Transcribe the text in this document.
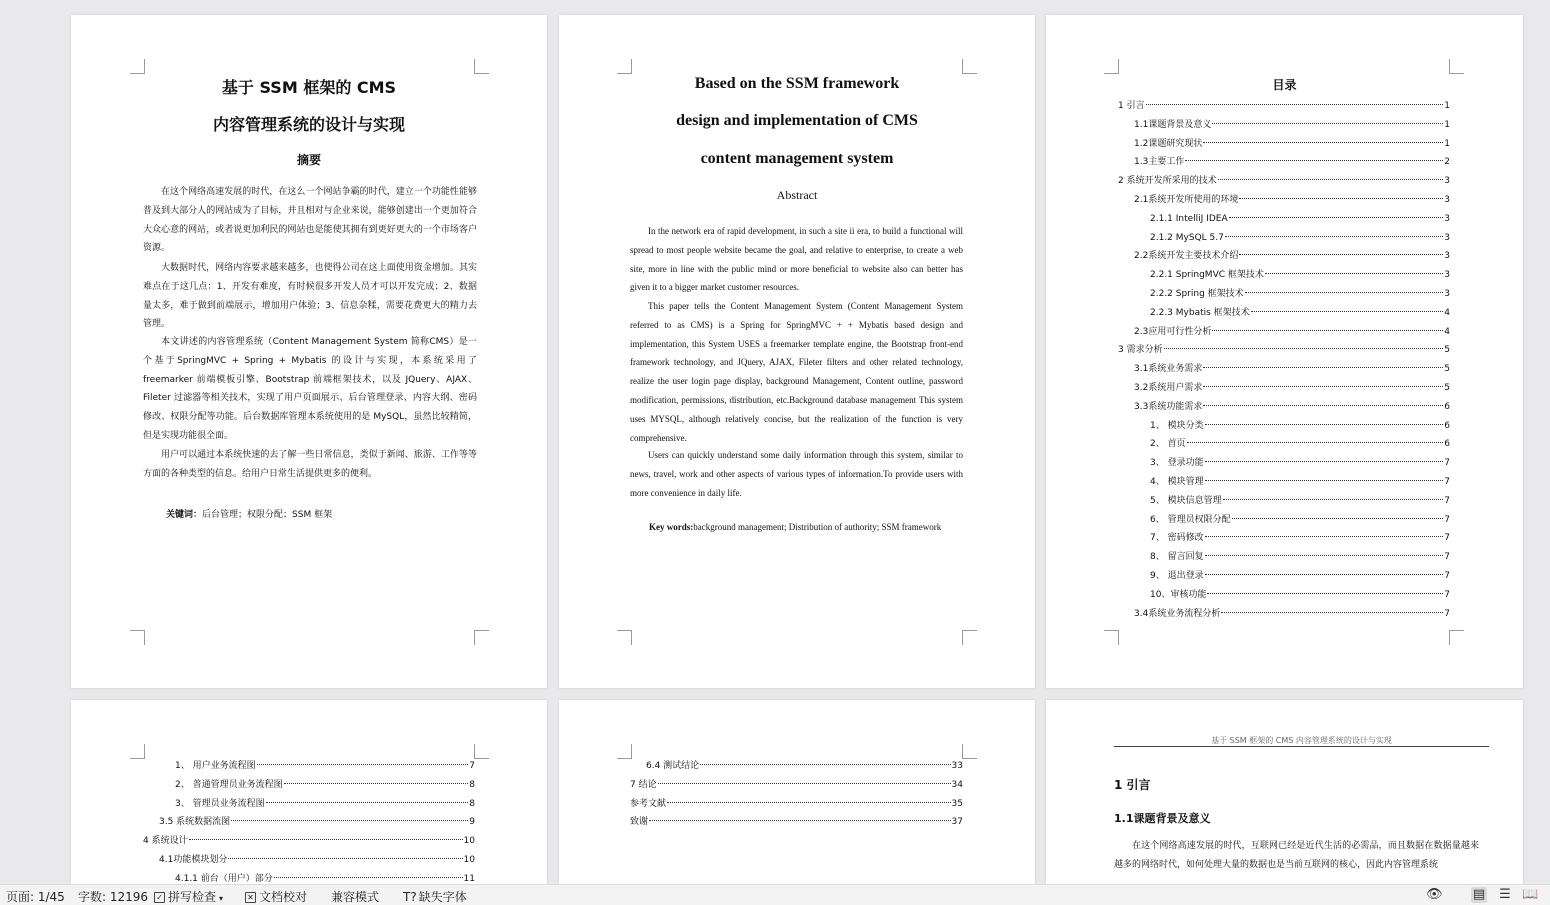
基于 SSM 框架的 CMS
内容管理系统的设计与实现
摘要

在这个网络高速发展的时代，在这么一个网站争霸的时代，建立一个功能性能够普及到大部分人的网站成为了目标，并且相对与企业来说，能够创建出一个更加符合大众心意的网站，或者说更加利民的网站也是能使其拥有到更好更大的一个市场客户资源。

大数据时代，网络内容要求越来越多，也使得公司在这上面使用资金增加。其实难点在于这几点：1、开发有难度，有时候很多开发人员才可以开发完成；2、数据量太多，难于做到前端展示，增加用户体验；3、信息杂糅，需要花费更大的精力去管理。

本文讲述的内容管理系统（Content Management System 简称CMS）是一个基于SpringMVC + Spring + Mybatis 的设计与实现，本系统采用了 freemarker 前端模板引擎、Bootstrap 前端框架技术，以及 JQuery、AJAX、Fileter 过滤器等相关技术，实现了用户页面展示、后台管理登录、内容大纲、密码修改、权限分配等功能。后台数据库管理本系统使用的是 MySQL，虽然比较精简，但是实现功能很全面。

用户可以通过本系统快速的去了解一些日常信息，类似于新闻、旅游、工作等等方面的各种类型的信息。给用户日常生活提供更多的便利。

关键词：后台管理；权限分配；SSM 框架
Based on the SSM framework
design and implementation of CMS
content management system
Abstract

In the network era of rapid development, in such a site ii era, to build a functional will spread to most people website became the goal, and relative to enterprise, to create a web site, more in line with the public mind or more beneficial to website also can better has given it to a bigger market customer resources.

This paper tells the Content Management System (Content Management System referred to as CMS) is a Spring for SpringMVC + + Mybatis based design and implementation, this System USES a freemarker template engine, the Bootstrap front-end framework technology, and JQuery, AJAX, Fileter filters and other related technology, realize the user login page display, background Management, Content outline, password modification, permissions, distribution, etc.Background database management This system uses MYSQL, although relatively concise, but the realization of the function is very comprehensive.

Users can quickly understand some daily information through this system, similar to news, travel, work and other aspects of various types of information.To provide users with more convenience in daily life.

Key words:background management; Distribution of authority; SSM framework
目录
1 引言	1
1.1课题背景及意义	1
1.2课题研究现状	1
1.3主要工作	2
2 系统开发所采用的技术	3
2.1系统开发所使用的环境	3
2.1.1 IntelliJ IDEA	3
2.1.2 MySQL 5.7	3
2.2系统开发主要技术介绍	3
2.2.1 SpringMVC 框架技术	3
2.2.2 Spring 框架技术	3
2.2.3 Mybatis 框架技术	4
2.3应用可行性分析	4
3 需求分析	5
3.1系统业务需求	5
3.2系统用户需求	5
3.3系统功能需求	6
1、 模块分类	6
2、 首页	6
3、 登录功能	7
4、 模块管理	7
5、 模块信息管理	7
6、 管理员权限分配	7
7、 密码修改	7
8、 留言回复	7
9、 退出登录	7
10、审核功能	7
3.4系统业务流程分析	7
1、 用户业务流程图	7
2、 普通管理员业务流程图	8
3、 管理员业务流程图	8
3.5 系统数据流图	9
4 系统设计	10
4.1功能模块划分	10
4.1.1 前台（用户）部分	11
6.4 测试结论	33
7 结论	34
参考文献	35
致谢	37
基于 SSM 框架的 CMS 内容管理系统的设计与实现
1 引言
1.1课题背景及意义

在这个网络高速发展的时代，互联网已经是近代生活的必需品，而且数据在数据量越来越多的网络时代，如何处理大量的数据也是当前互联网的核心，因此内容管理系统

页面: 1/45 字数: 12196 ✓ 拼写检查 ▾	✕ 文档校对 兼容模式 T? 缺失字体	👁 ▤ ☰ 📖
